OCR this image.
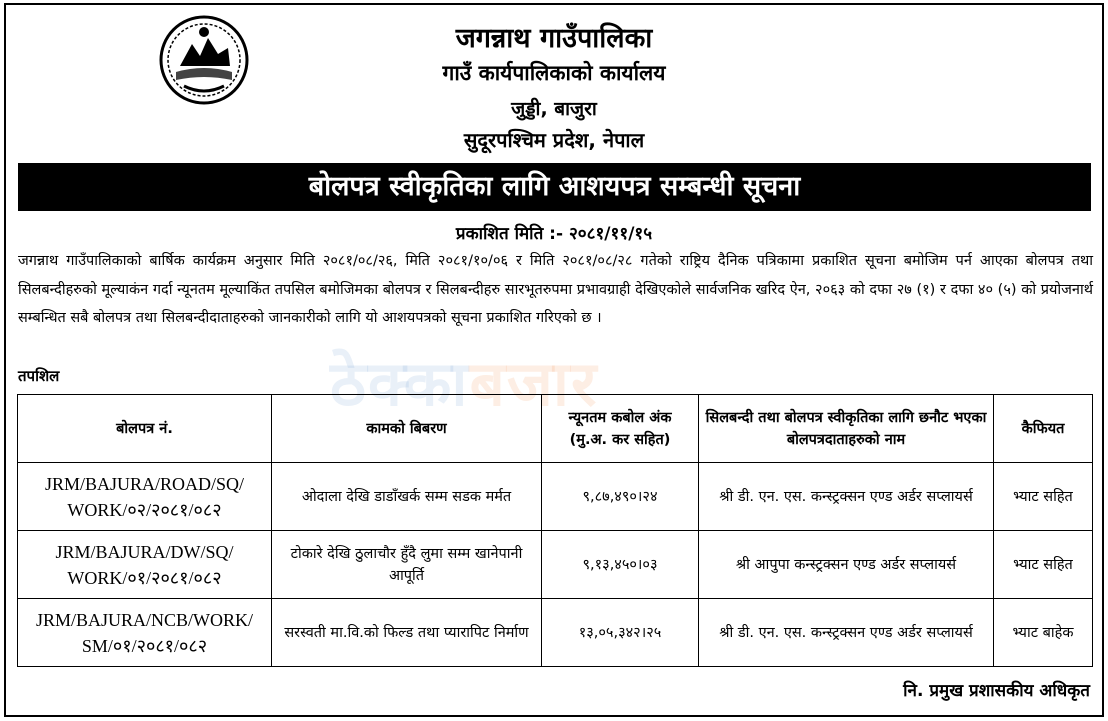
जगन्नाथ गाउँपालिका
गाउँ कार्यपालिकाको कार्यालय
जुड्डी, बाजुरा
सुदूरपश्चिम प्रदेश, नेपाल
बोलपत्र स्वीकृतिका लागि आशयपत्र सम्बन्धी सूचना
प्रकाशित मिति :- २०८१/११/१५
जगन्नाथ गाउँपालिकाको बार्षिक कार्यक्रम अनुसार मिति २०८१/०८/२६, मिति २०८१/१०/०६ र मिति २०८१/०८/२८ गतेको राष्ट्रिय दैनिक पत्रिकामा प्रकाशित सूचना बमोजिम पर्न आएका बोलपत्र तथा सिलबन्दीहरुको मूल्याकंन गर्दा न्यूनतम मूल्याकिंत तपसिल बमोजिमका बोलपत्र र सिलबन्दीहरु सारभूतरुपमा प्रभावग्राही देखिएकोले सार्वजनिक खरिद ऐन, २०६३ को दफा २७ (१) र दफा ४० (५) को प्रयोजनार्थ सम्बन्धित सबै बोलपत्र तथा सिलबन्दीदाताहरुको जानकारीको लागि यो आशयपत्रको सूचना प्रकाशित गरिएको छ ।
तपशिल	ठेक्काबजार
बोलपत्र नं.	कामको बिबरण	न्यूनतम कबोल अंक (मु.अ. कर सहित)	सिलबन्दी तथा बोलपत्र स्वीकृतिका लागि छनौट भएका बोलपत्रदाताहरुको नाम	कैफियत
JRM/BAJURA/ROAD/SQ/ WORK/०२/२०८१/०८२	ओदाला देखि डाडाँखर्क सम्म सडक मर्मत	९,८७,४९०।२४	श्री डी. एन. एस. कन्स्ट्रक्सन एण्ड अर्डर सप्लायर्स	भ्याट सहित
JRM/BAJURA/DW/SQ/ WORK/०१/२०८१/०८२	टोकारे देखि ठुलाचौर हुँदै लुमा सम्म खानेपानी आपूर्ति	९,१३,४५०।०३	श्री आपुपा कन्स्ट्रक्सन एण्ड अर्डर सप्लायर्स	भ्याट सहित
JRM/BAJURA/NCB/WORK/ SM/०१/२०८१/०८२	सरस्वती मा.वि.को फिल्ड तथा प्यारापिट निर्माण	१३,०५,३४२।२५	श्री डी. एन. एस. कन्स्ट्रक्सन एण्ड अर्डर सप्लायर्स	भ्याट बाहेक
नि. प्रमुख प्रशासकीय अधिकृत
